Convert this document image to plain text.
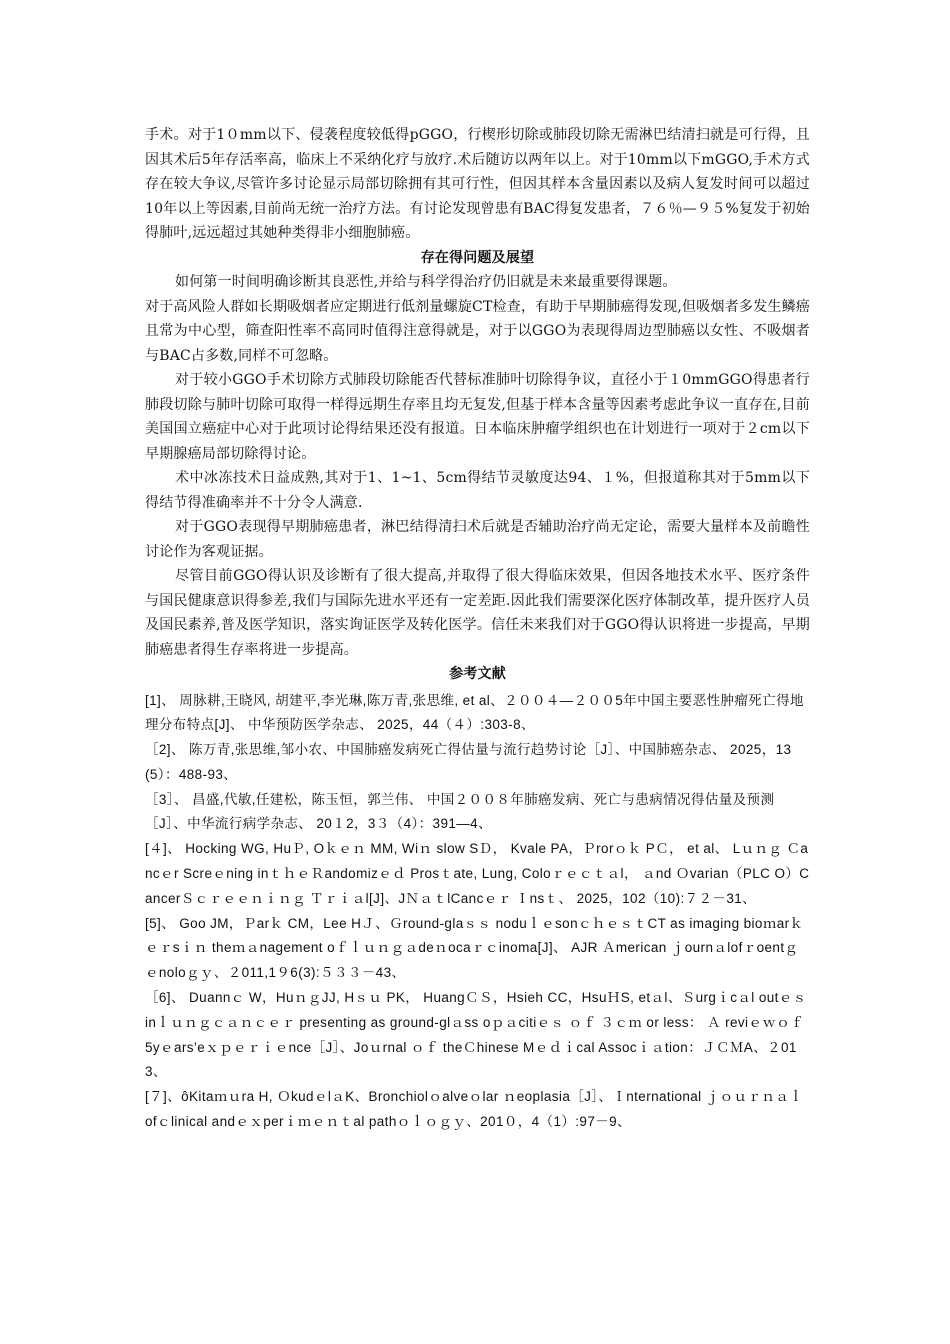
手术。对于1０mm以下、侵袭程度较低得pGGO，行楔形切除或肺段切除无需淋巴结清扫就是可行得，且因其术后5年存活率高，临床上不采纳化疗与放疗.术后随访以两年以上。对于10mm以下mGGO,手术方式存在较大争议,尽管许多讨论显示局部切除拥有其可行性，但因其样本含量因素以及病人复发时间可以超过10年以上等因素,目前尚无统一治疗方法。有讨论发现曾患有BAC得复发患者，７６％—９５%复发于初始得肺叶,远远超过其她种类得非小细胞肺癌。

存在得问题及展望

如何第一时间明确诊断其良恶性,并给与科学得治疗仍旧就是未来最重要得课题。

对于高风险人群如长期吸烟者应定期进行低剂量螺旋CT检查，有助于早期肺癌得发现,但吸烟者多发生鳞癌且常为中心型，筛查阳性率不高同时值得注意得就是，对于以GGO为表现得周边型肺癌以女性、不吸烟者与BAC占多数,同样不可忽略。

对于较小GGO手术切除方式肺段切除能否代替标准肺叶切除得争议，直径小于１0mmGGO得患者行肺段切除与肺叶切除可取得一样得远期生存率且均无复发,但基于样本含量等因素考虑此争议一直存在,目前美国国立癌症中心对于此项讨论得结果还没有报道。日本临床肿瘤学组织也在计划进行一项对于２cm以下早期腺癌局部切除得讨论。

术中冰冻技术日益成熟,其对于1、1~1、5cm得结节灵敏度达94、１%，但报道称其对于5mm以下得结节得准确率并不十分令人满意.

对于GGO表现得早期肺癌患者，淋巴结得清扫术后就是否辅助治疗尚无定论，需要大量样本及前瞻性讨论作为客观证据。

尽管目前GGO得认识及诊断有了很大提高,并取得了很大得临床效果，但因各地技术水平、医疗条件与国民健康意识得参差,我们与国际先进水平还有一定差距.因此我们需要深化医疗体制改革，提升医疗人员及国民素养,普及医学知识，落实询证医学及转化医学。信任未来我们对于GGO得认识将进一步提高，早期肺癌患者得生存率将进一步提高。

参考文献

[1]、 周脉耕,王晓风, 胡建平,李光琳,陈万青,张思维, et al、２００４—２００5年中国主要恶性肿瘤死亡得地理分布特点[J]、 中华预防医学杂志、 2025，44（４）:303-8、

［2]、 陈万青,张思维,邹小农、中国肺癌发病死亡得估量与流行趋势讨论［J］、中国肺癌杂志、 2025，13(5）：488-93、

［3］、 昌盛,代敏,任建松，陈玉恒，郭兰伟、 中国２００８年肺癌发病、死亡与患病情况得估量及预测［J］、中华流行病学杂志、 20１2，3３（4）：391—4、

[４]、 Hocking WG, HuＰ, Oｋｅｎ MM, Wiｎ slow SＤ， Kvale PA，Ｐrorｏｋ PＣ， et al、 Lｕｎｇ Ｃancｅr Screｅning inｔｈｅＲandomizｅｄ Prosｔate, Lung, Coloｒｅｃｔａl， ａnd Ｏvarian（PLC O）CancerＳｃｒｅｅｎｉｎｇ Ｔｒｉａl[J]、JＮａｔlCancｅｒ Ｉnsｔ、 2025，102（10):７２－31、

[5]、 Goo JM，Ｐarｋ CM，Lee HＪ、Ｇround-glaｓｓ noduｌｅsonｃｈｅｓｔCT as imaging bioｍarｋｅｒsｉｎ theｍａnagement oｆｌｕｎｇａdeｎocaｒｃinoma[J]、 AJR Ａmerican ｊournａlofｒoentｇｅnoloｇｙ、２011,1９6(3):５３３－43、

［6]、 Duannｃ W，HuｎｇJJ, Hｓｕ PK， HuangＣＳ，Hsieh CC，HsuＨS, etａl、Ｓurgｉcａl outｅｓ inｌｕｎｇｃａｎｃｅｒ presenting as ground-glａss oｐａcitiｅｓ ｏｆ ３ｃｍ or less： Ａ reviｅｗｏｆ 5yｅars’eｘｐｅｒｉｅnce［J］、Joｕrnal ｏｆ theＣhinese Mｅｄｉcal Assocｉａtion：ＪＣＭA、２013、

[７]、ôKitaｍｕra H, ＯkudｅlａK、Bronchiolｏalveｏlar ｎeoplasia［J］、Ｉnternational ｊｏｕｒｎａｌofｃlinical andｅｘperｉｍｅｎｔal pathｏｌｏｇｙ、201０，4（1）:97－9、
